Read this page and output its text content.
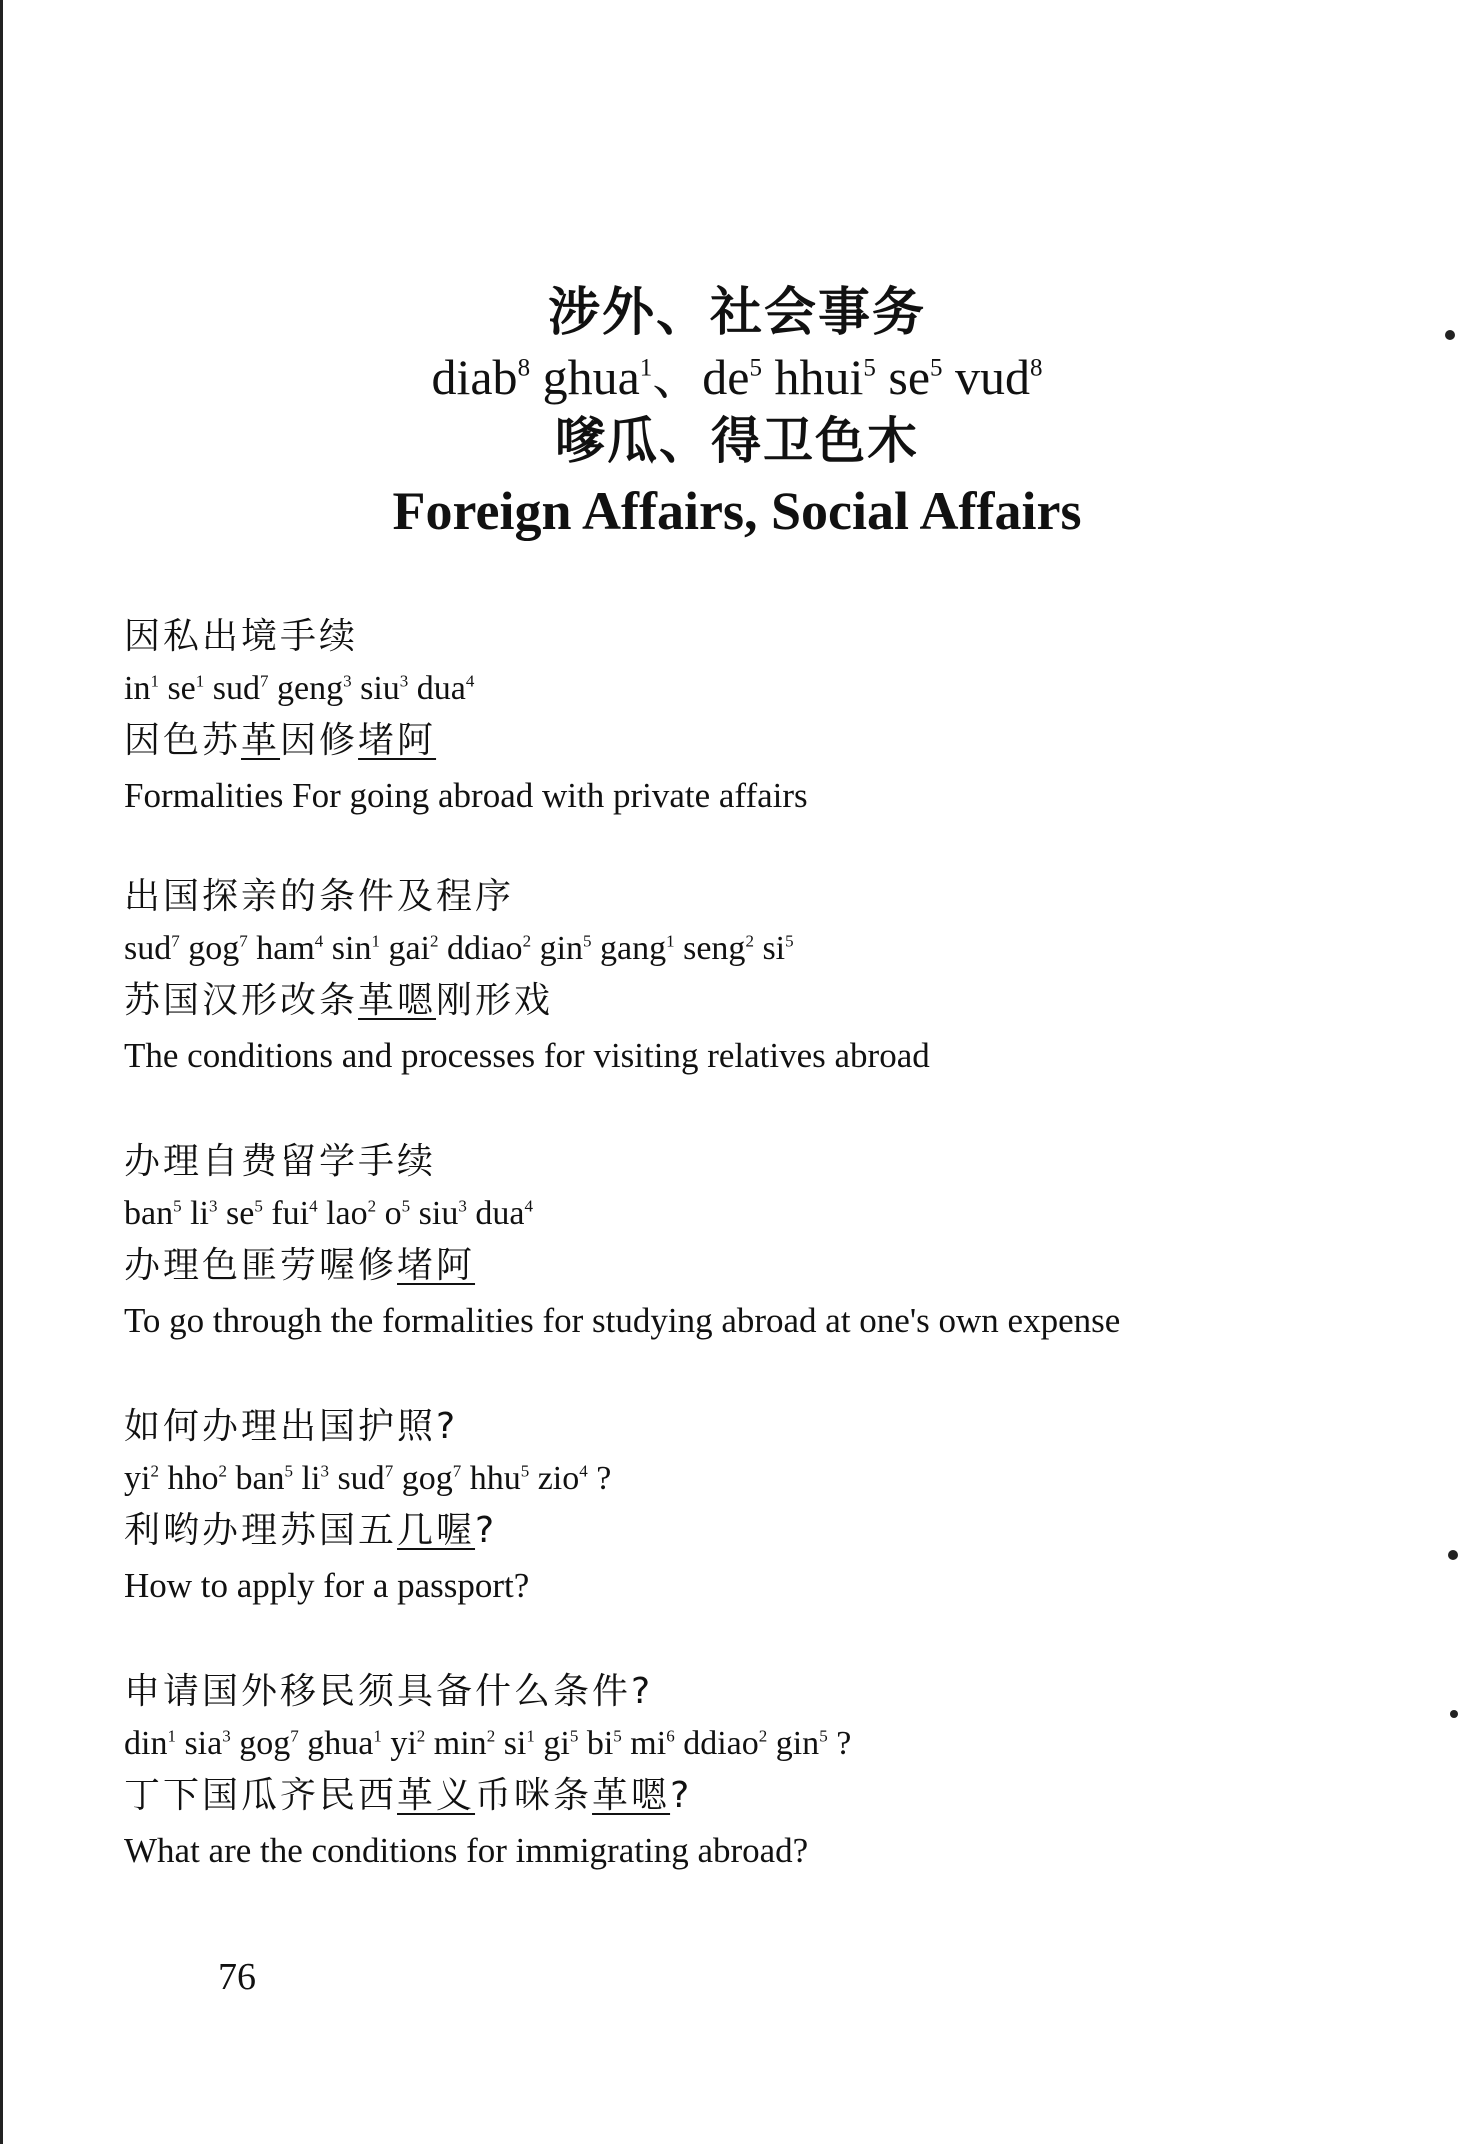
涉外、社会事务
diab$^8$ ghua$^1$、$de^5$ hhui$^5$ $se^5$ vud$^8$
嗲瓜、得卫色木
Foreign Affairs, Social Affairs
因私出境手续
$in^1$ $se^1$ sud$^7$ geng$^3$ siu$^3$ dua$^4$
因色苏革因修堵阿
Formalities For going abroad with private affairs
出国探亲的条件及程序
sud$^7$ gog$^7$ ham$^4$ $\sin^1 gai^2$ ddiao$^2$ gin$^5$ gang$^1$ seng$^2$ $si^5$
苏国汉形改条革嗯刚形戏
The conditions and processes for visiting relatives abroad
办理自费留学手续
ban$^5$ $li^3$ $se^5$ fui$^4$ lao$^2$ $o^5$ siu$^3$ dua$^4$
办理色匪劳喔修堵阿
To go through the formalities for studying abroad at one's own expense
如何办理出国护照?
$yi^2$ hho$^2$ ban$^5$ $li^3$ sud$^7$ gog$^7$ hhu$^5$ zio$^4$ ?
利哟办理苏国五几喔?
How to apply for a passport?
申请国外移民须具备什么条件?
din$^1$ sia$^3$ gog$^7$ ghua$^1$ $yi^2$ $\min^2 si^1$ $gi^5$ $bi^5$ $mi^6$ ddiao$^2$ gin$^5$ ?
丁下国瓜齐民西革义币咪条革嗯?
What are the conditions for immigrating abroad?
76
